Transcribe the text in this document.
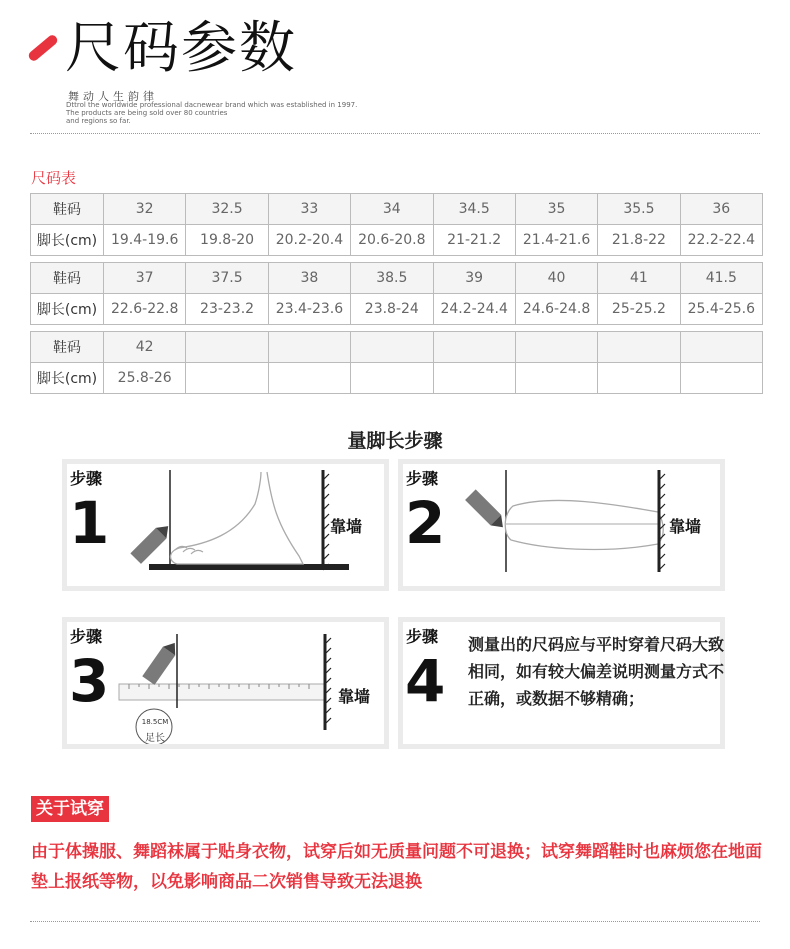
尺码参数
舞动人生韵律
Dttrol the worldwide professional dacnewear brand which was established in 1997.
The products are being sold over 80 countries
and regions so far.
尺码表
鞋码	32	32.5	33	34	34.5	35	35.5	36
脚长(cm)	19.4-19.6	19.8-20	20.2-20.4	20.6-20.8	21-21.2	21.4-21.6	21.8-22	22.2-22.4
鞋码	37	37.5	38	38.5	39	40	41	41.5
脚长(cm)	22.6-22.8	23-23.2	23.4-23.6	23.8-24	24.2-24.4	24.6-24.8	25-25.2	25.4-25.6
鞋码	42							
脚长(cm)	25.8-26							
量脚长步骤
步骤
1	靠墙
步骤
2	靠墙
步骤
3	靠墙
18.5CM
足长
步骤
4
测量出的尺码应与平时穿着尺码大致相同，如有较大偏差说明测量方式不正确，或数据不够精确；
关于试穿
由于体操服、舞蹈袜属于贴身衣物，试穿后如无质量问题不可退换；试穿舞蹈鞋时也麻烦您在地面垫上报纸等物，以免影响商品二次销售导致无法退换
